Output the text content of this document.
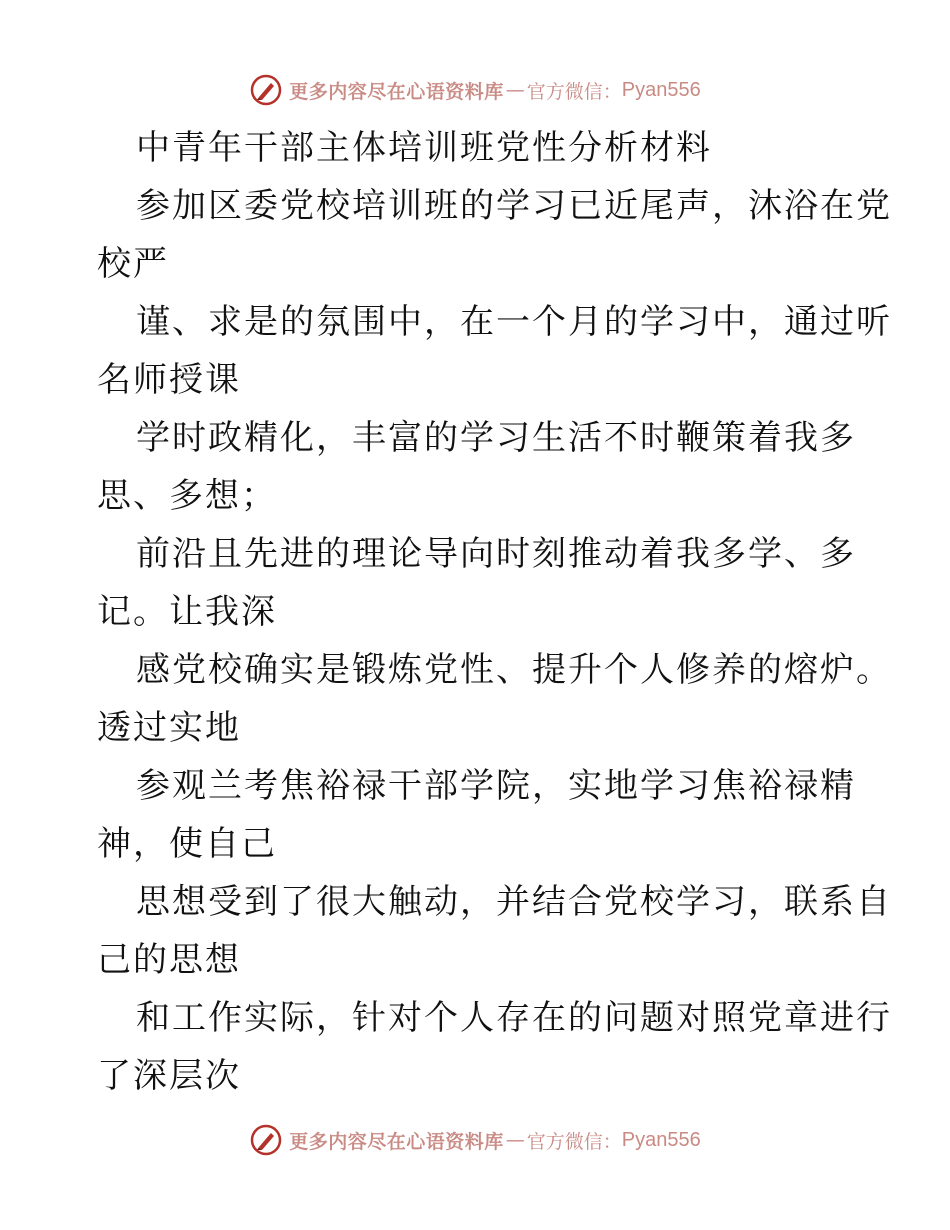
更多内容尽在心语资料库 — 官方微信： Pyan556
中青年干部主体培训班党性分析材料
参加区委党校培训班的学习已近尾声，沐浴在党
校严
谨、求是的氛围中，在一个月的学习中，通过听
名师授课
学时政精化，丰富的学习生活不时鞭策着我多
思、多想；
前沿且先进的理论导向时刻推动着我多学、多
记。让我深
感党校确实是锻炼党性、提升个人修养的熔炉。
透过实地
参观兰考焦裕禄干部学院，实地学习焦裕禄精
神，使自己
思想受到了很大触动，并结合党校学习，联系自
己的思想
和工作实际，针对个人存在的问题对照党章进行
了深层次
更多内容尽在心语资料库 — 官方微信： Pyan556
